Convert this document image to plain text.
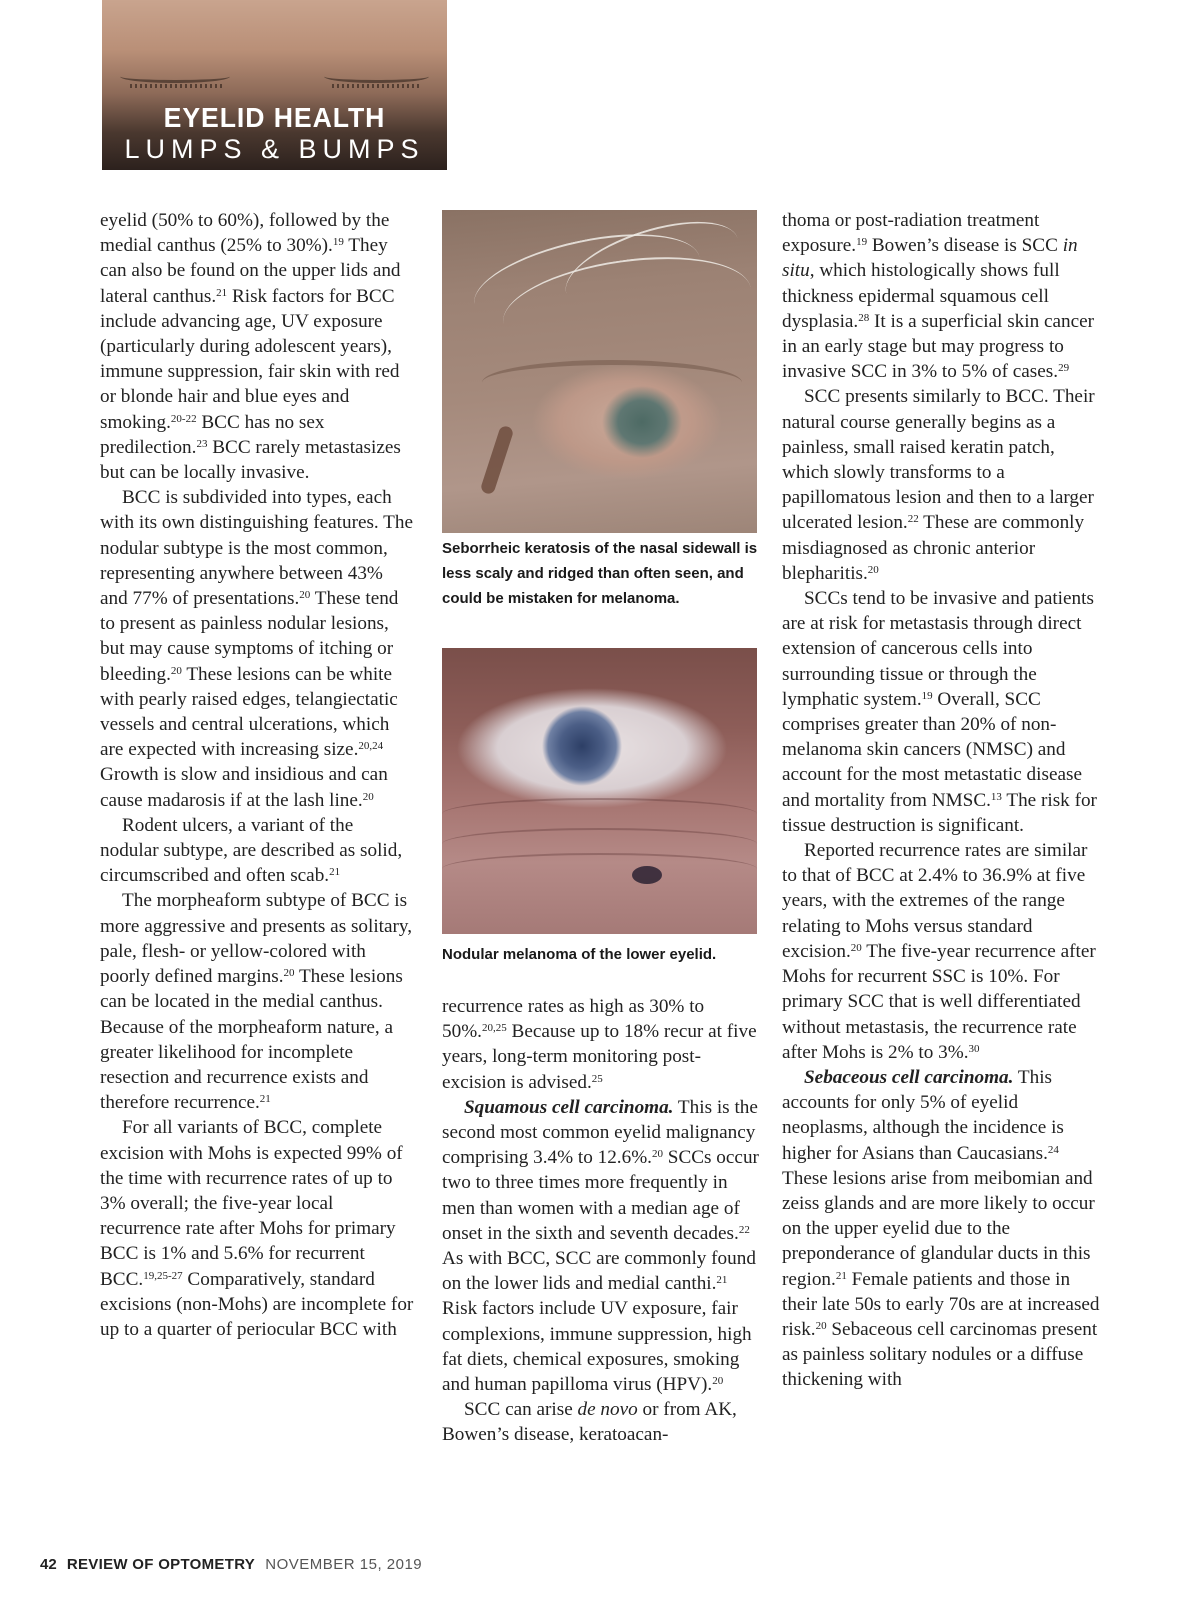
EYELID HEALTH
LUMPS & BUMPS

eyelid (50% to 60%), followed by the medial canthus (25% to 30%).$^{19}$ They can also be found on the upper lids and lateral canthus.$^{21}$ Risk factors for BCC include advancing age, UV exposure (particularly during adolescent years), immune suppression, fair skin with red or blonde hair and blue eyes and smoking.$^{20-22}$ BCC has no sex predilection.$^{23}$ BCC rarely metastasizes but can be locally invasive.

BCC is subdivided into types, each with its own distinguishing features. The nodular subtype is the most common, representing anywhere between 43% and 77% of presentations.$^{20}$ These tend to present as painless nodular lesions, but may cause symptoms of itching or bleeding.$^{20}$ These lesions can be white with pearly raised edges, telangiectatic vessels and central ulcerations, which are expected with increasing size.$^{20,24}$ Growth is slow and insidious and can cause madarosis if at the lash line.$^{20}$

Rodent ulcers, a variant of the nodular subtype, are described as solid, circumscribed and often scab.$^{21}$

The morpheaform subtype of BCC is more aggressive and presents as solitary, pale, flesh- or yellow-colored with poorly defined margins.$^{20}$ These lesions can be located in the medial canthus. Because of the morpheaform nature, a greater likelihood for incomplete resection and recurrence exists and therefore recurrence.$^{21}$

For all variants of BCC, complete excision with Mohs is expected 99% of the time with recurrence rates of up to 3% overall; the five-year local recurrence rate after Mohs for primary BCC is 1% and 5.6% for recurrent BCC.$^{19,25-27}$ Comparatively, standard excisions (non-Mohs) are incomplete for up to a quarter of periocular BCC with

Seborrheic keratosis of the nasal sidewall is less scaly and ridged than often seen, and could be mistaken for melanoma.
Nodular melanoma of the lower eyelid.

recurrence rates as high as 30% to 50%.$^{20,25}$ Because up to 18% recur at five years, long-term monitoring post-excision is advised.$^{25}$

Squamous cell carcinoma. This is the second most common eyelid malignancy comprising 3.4% to 12.6%.$^{20}$ SCCs occur two to three times more frequently in men than women with a median age of onset in the sixth and seventh decades.$^{22}$ As with BCC, SCC are commonly found on the lower lids and medial canthi.$^{21}$ Risk factors include UV exposure, fair complexions, immune suppression, high fat diets, chemical exposures, smoking and human papilloma virus (HPV).$^{20}$

SCC can arise de novo or from AK, Bowen’s disease, keratoacan-

thoma or post-radiation treatment exposure.$^{19}$ Bowen’s disease is SCC in situ, which histologically shows full thickness epidermal squamous cell dysplasia.$^{28}$ It is a superficial skin cancer in an early stage but may progress to invasive SCC in 3% to 5% of cases.$^{29}$

SCC presents similarly to BCC. Their natural course generally begins as a painless, small raised keratin patch, which slowly transforms to a papillomatous lesion and then to a larger ulcerated lesion.$^{22}$ These are commonly misdiagnosed as chronic anterior blepharitis.$^{20}$

SCCs tend to be invasive and patients are at risk for metastasis through direct extension of cancerous cells into surrounding tissue or through the lymphatic system.$^{19}$ Overall, SCC comprises greater than 20% of non-melanoma skin cancers (NMSC) and account for the most metastatic disease and mortality from NMSC.$^{13}$ The risk for tissue destruction is significant.

Reported recurrence rates are similar to that of BCC at 2.4% to 36.9% at five years, with the extremes of the range relating to Mohs versus standard excision.$^{20}$ The five-year recurrence after Mohs for recurrent SSC is 10%. For primary SCC that is well differentiated without metastasis, the recurrence rate after Mohs is 2% to 3%.$^{30}$

Sebaceous cell carcinoma. This accounts for only 5% of eyelid neoplasms, although the incidence is higher for Asians than Caucasians.$^{24}$ These lesions arise from meibomian and zeiss glands and are more likely to occur on the upper eyelid due to the preponderance of glandular ducts in this region.$^{21}$ Female patients and those in their late 50s to early 70s are at increased risk.$^{20}$ Sebaceous cell carcinomas present as painless solitary nodules or a diffuse thickening with

42 REVIEW OF OPTOMETRY NOVEMBER 15, 2019
